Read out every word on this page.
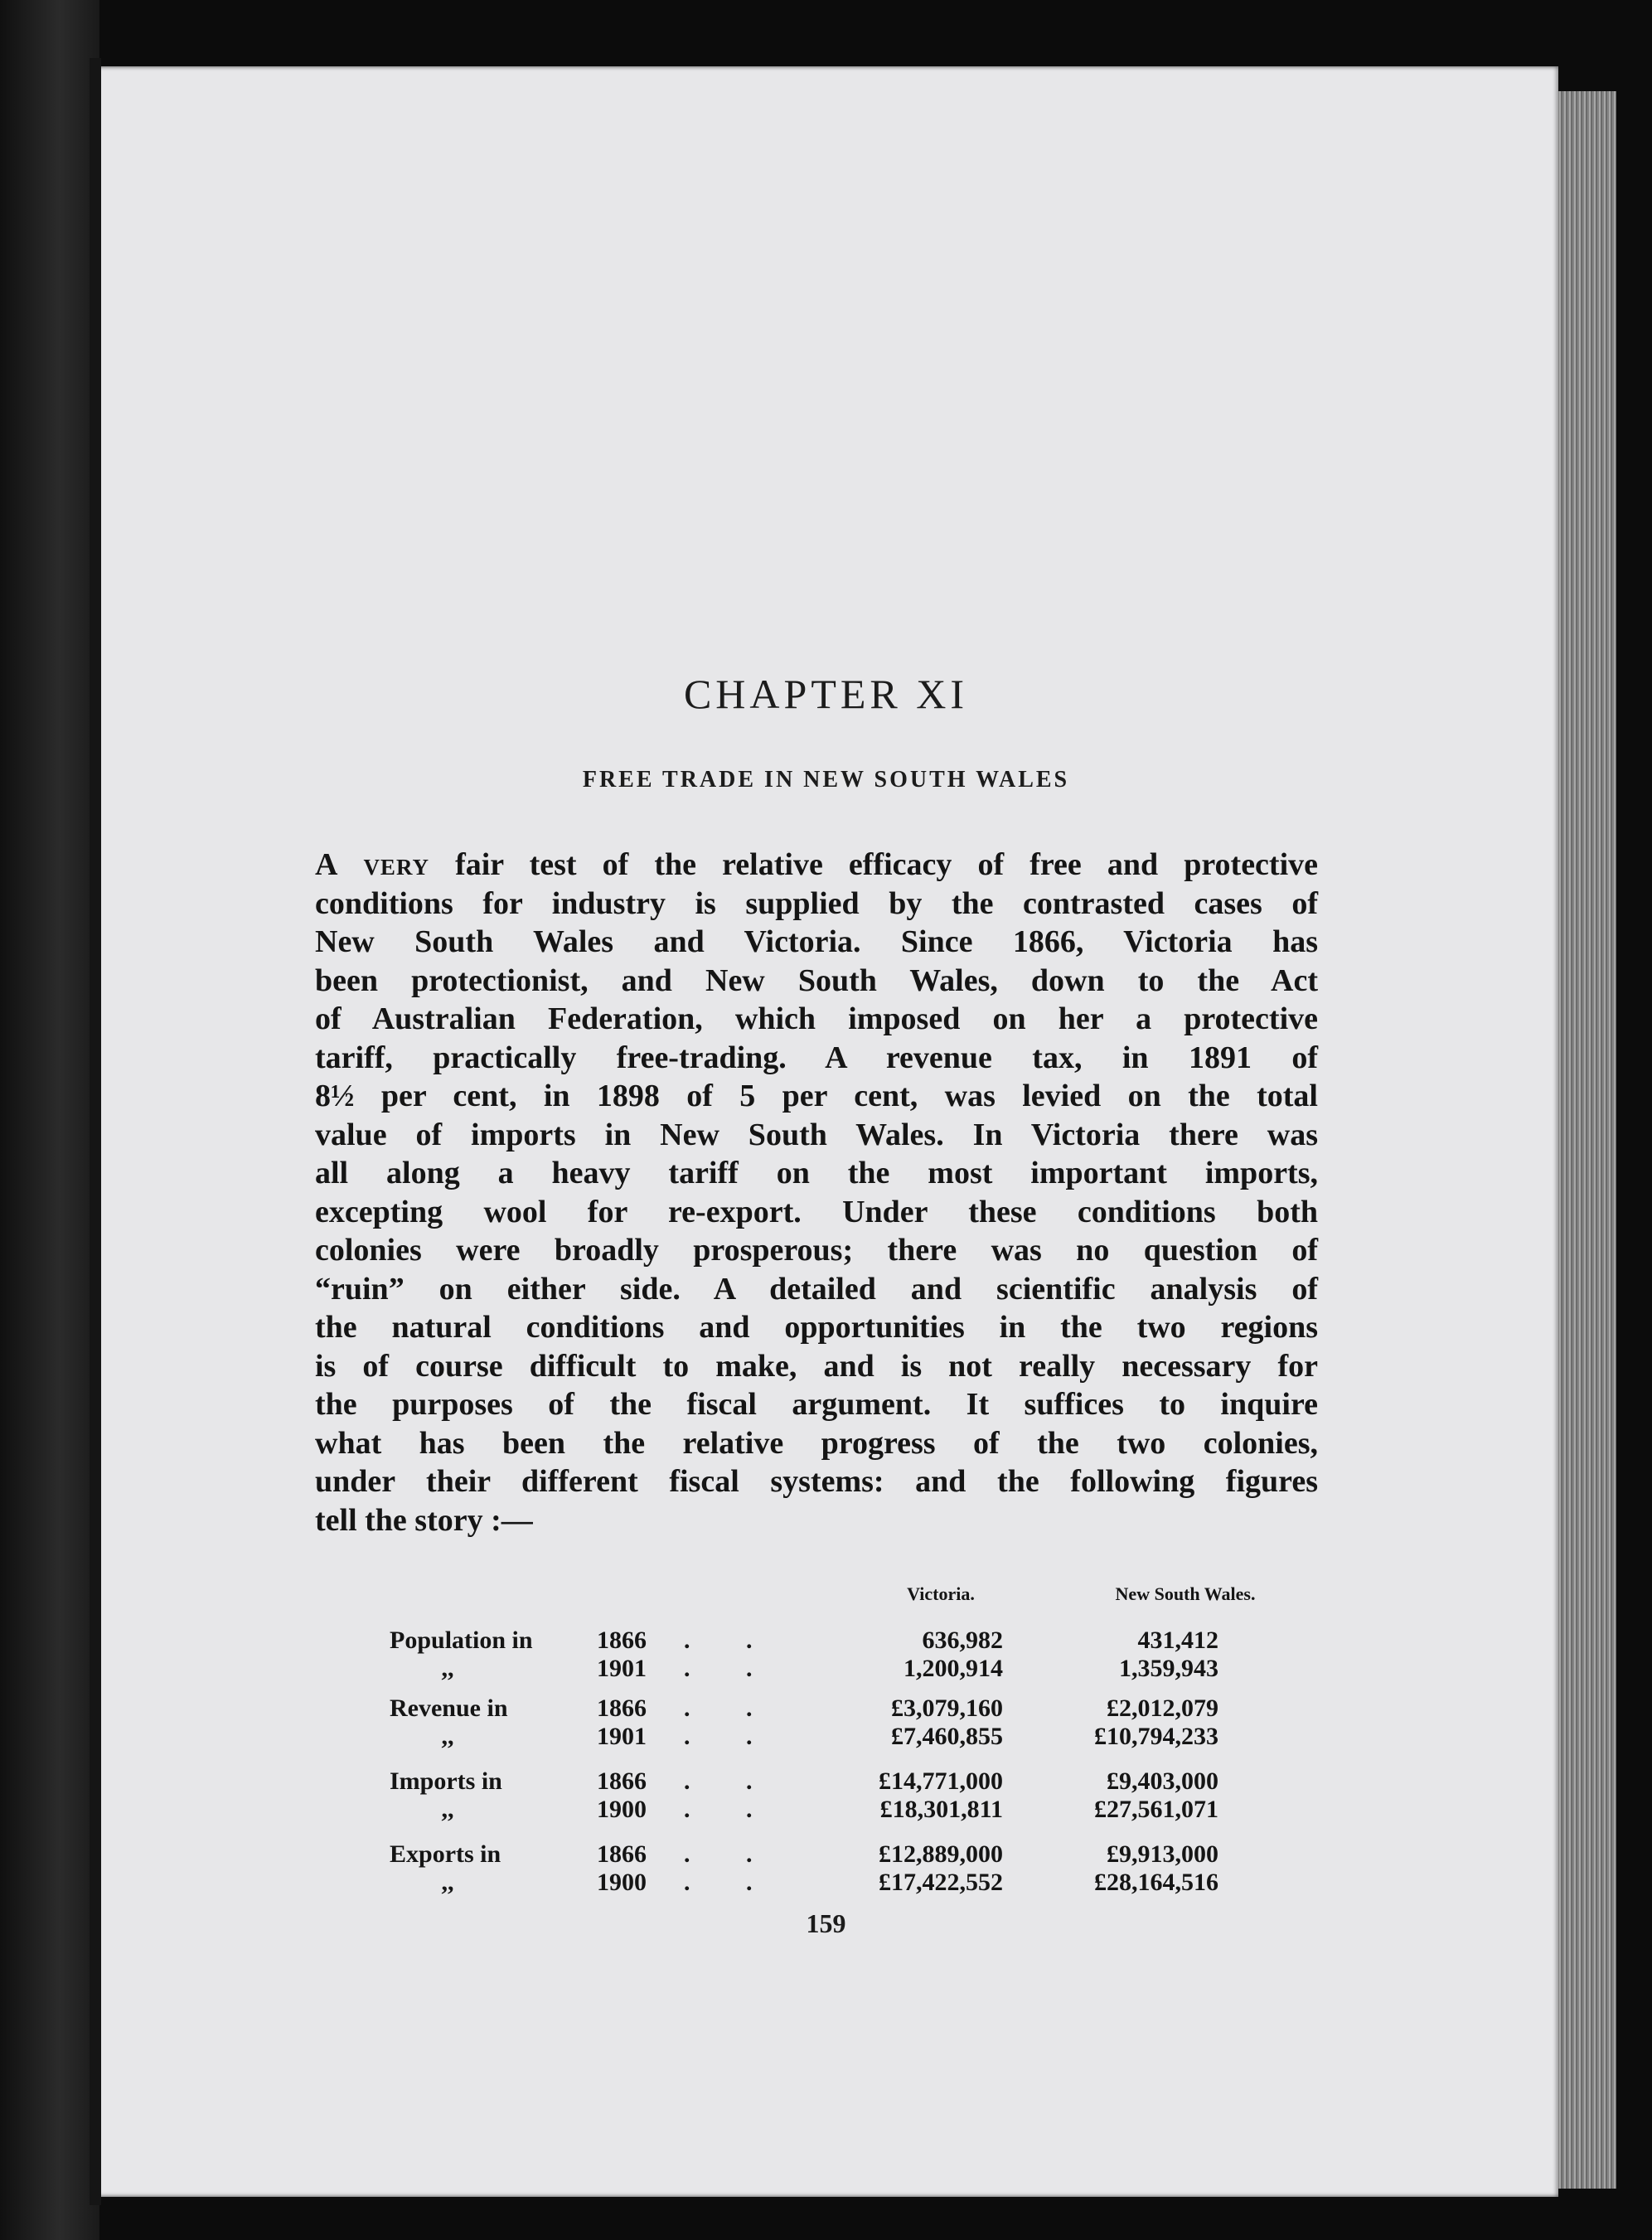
CHAPTER XI
FREE TRADE IN NEW SOUTH WALES
A very fair test of the relative efficacy of free and protective
conditions for industry is supplied by the contrasted cases of
New South Wales and Victoria. Since 1866, Victoria has
been protectionist, and New South Wales, down to the Act
of Australian Federation, which imposed on her a protective
tariff, practically free-trading. A revenue tax, in 1891 of
8½ per cent, in 1898 of 5 per cent, was levied on the total
value of imports in New South Wales. In Victoria there was
all along a heavy tariff on the most important imports,
excepting wool for re-export. Under these conditions both
colonies were broadly prosperous; there was no question of
“ruin” on either side. A detailed and scientific analysis of
the natural conditions and opportunities in the two regions
is of course difficult to make, and is not really necessary for
the purposes of the fiscal argument. It suffices to inquire
what has been the relative progress of the two colonies,
under their different fiscal systems: and the following figures
tell the story :—
Victoria.	New South Wales.
Population in	1866	. .	636,982	431,412
,,	1901	. .	1,200,914	1,359,943
Revenue in	1866	. .	£3,079,160	£2,012,079
,,	1901	. .	£7,460,855	£10,794,233
Imports in	1866	. .	£14,771,000	£9,403,000
,,	1900	. .	£18,301,811	£27,561,071
Exports in	1866	. .	£12,889,000	£9,913,000
,,	1900	. .	£17,422,552	£28,164,516
159
